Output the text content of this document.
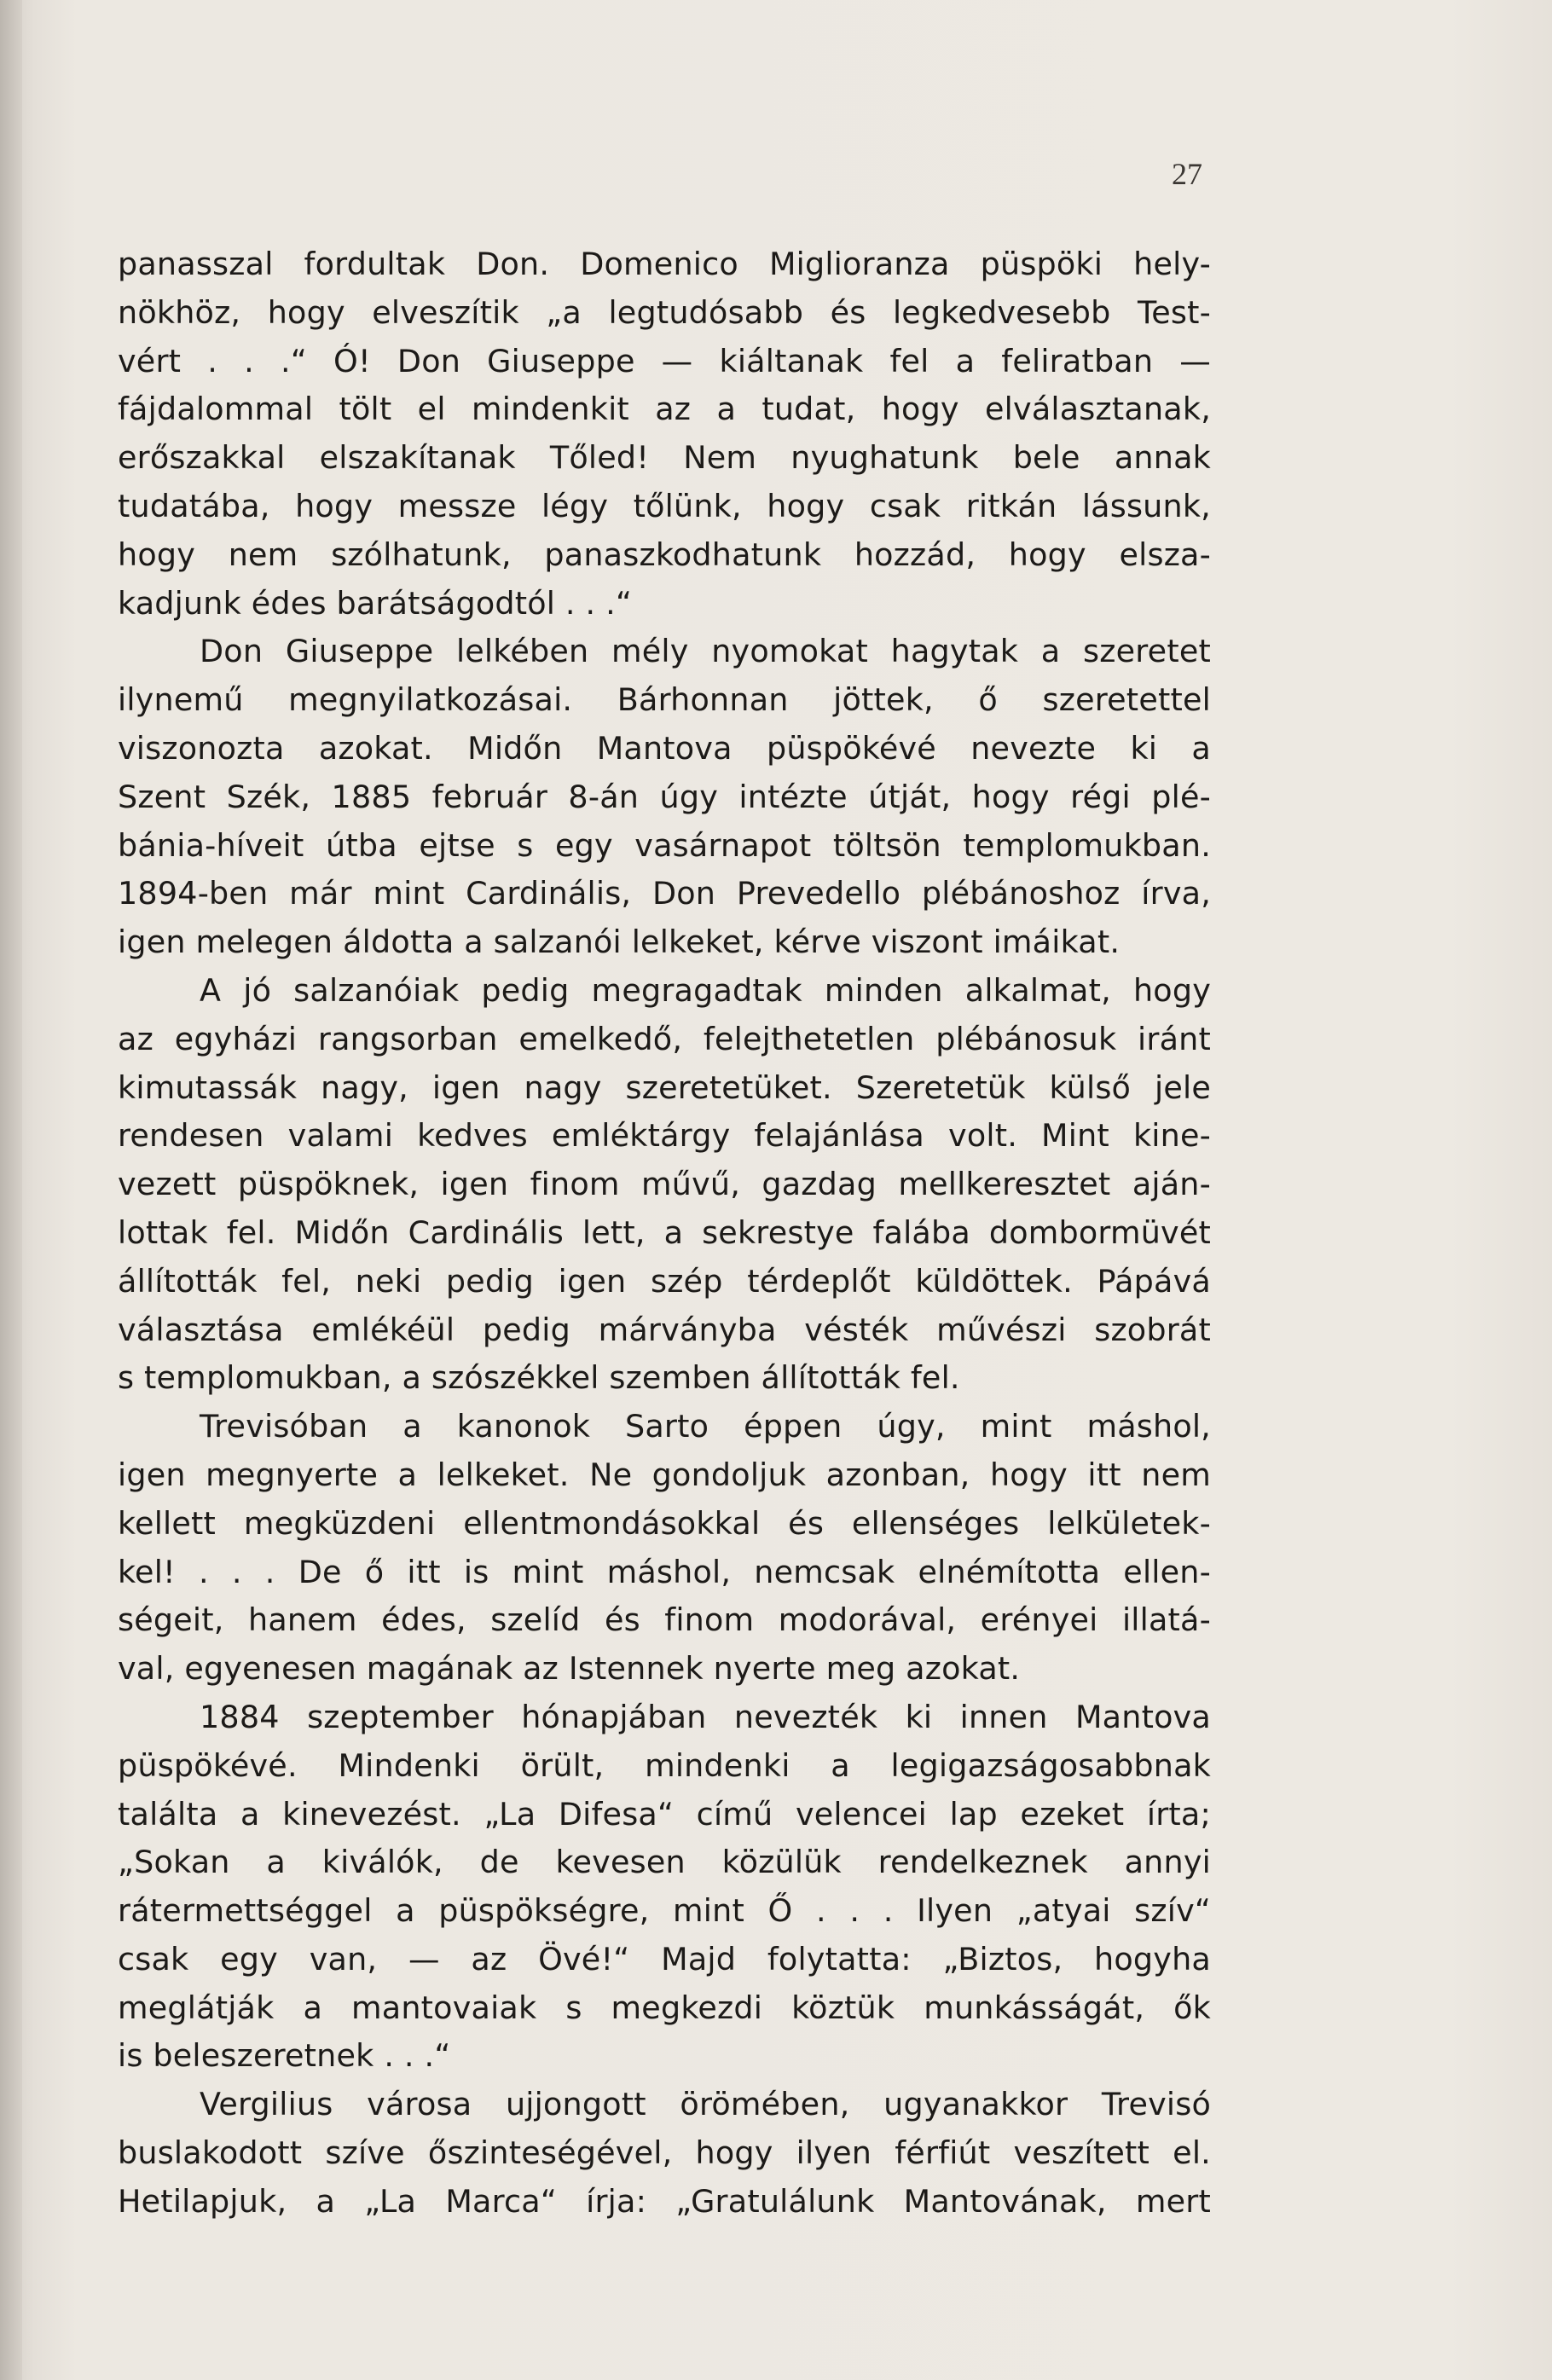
27

panasszal fordultak Don. Domenico Miglioranza püspöki hely-
nökhöz, hogy elveszítik „a legtudósabb és legkedvesebb Test-
vért . . .“ Ó! Don Giuseppe — kiáltanak fel a feliratban —
fájdalommal tölt el mindenkit az a tudat, hogy elválasztanak,
erőszakkal elszakítanak Tőled! Nem nyughatunk bele annak
tudatába, hogy messze légy tőlünk, hogy csak ritkán lássunk,
hogy nem szólhatunk, panaszkodhatunk hozzád, hogy elsza-
kadjunk édes barátságodtól . . .“
Don Giuseppe lelkében mély nyomokat hagytak a szeretet
ilynemű megnyilatkozásai. Bárhonnan jöttek, ő szeretettel
viszonozta azokat. Midőn Mantova püspökévé nevezte ki a
Szent Szék, 1885 február 8-án úgy intézte útját, hogy régi plé-
bánia-híveit útba ejtse s egy vasárnapot töltsön templomukban.
1894-ben már mint Cardinális, Don Prevedello plébánoshoz írva,
igen melegen áldotta a salzanói lelkeket, kérve viszont imáikat.
A jó salzanóiak pedig megragadtak minden alkalmat, hogy
az egyházi rangsorban emelkedő, felejthetetlen plébánosuk iránt
kimutassák nagy, igen nagy szeretetüket. Szeretetük külső jele
rendesen valami kedves emléktárgy felajánlása volt. Mint kine-
vezett püspöknek, igen finom művű, gazdag mellkeresztet aján-
lottak fel. Midőn Cardinális lett, a sekrestye falába dombormüvét
állították fel, neki pedig igen szép térdeplőt küldöttek. Pápává
választása emlékéül pedig márványba vésték művészi szobrát
s templomukban, a szószékkel szemben állították fel.
Trevisóban a kanonok Sarto éppen úgy, mint máshol,
igen megnyerte a lelkeket. Ne gondoljuk azonban, hogy itt nem
kellett megküzdeni ellentmondásokkal és ellenséges lelkületek-
kel! . . . De ő itt is mint máshol, nemcsak elnémította ellen-
ségeit, hanem édes, szelíd és finom modorával, erényei illatá-
val, egyenesen magának az Istennek nyerte meg azokat.
1884 szeptember hónapjában nevezték ki innen Mantova
püspökévé. Mindenki örült, mindenki a legigazságosabbnak
találta a kinevezést. „La Difesa“ című velencei lap ezeket írta;
„Sokan a kiválók, de kevesen közülük rendelkeznek annyi
rátermettséggel a püspökségre, mint Ő . . . Ilyen „atyai szív“
csak egy van, — az Övé!“ Majd folytatta: „Biztos, hogyha
meglátják a mantovaiak s megkezdi köztük munkásságát, ők
is beleszeretnek . . .“
Vergilius városa ujjongott örömében, ugyanakkor Trevisó
buslakodott szíve őszinteségével, hogy ilyen férfiút veszített el.
Hetilapjuk, a „La Marca“ írja: „Gratulálunk Mantovának, mert
